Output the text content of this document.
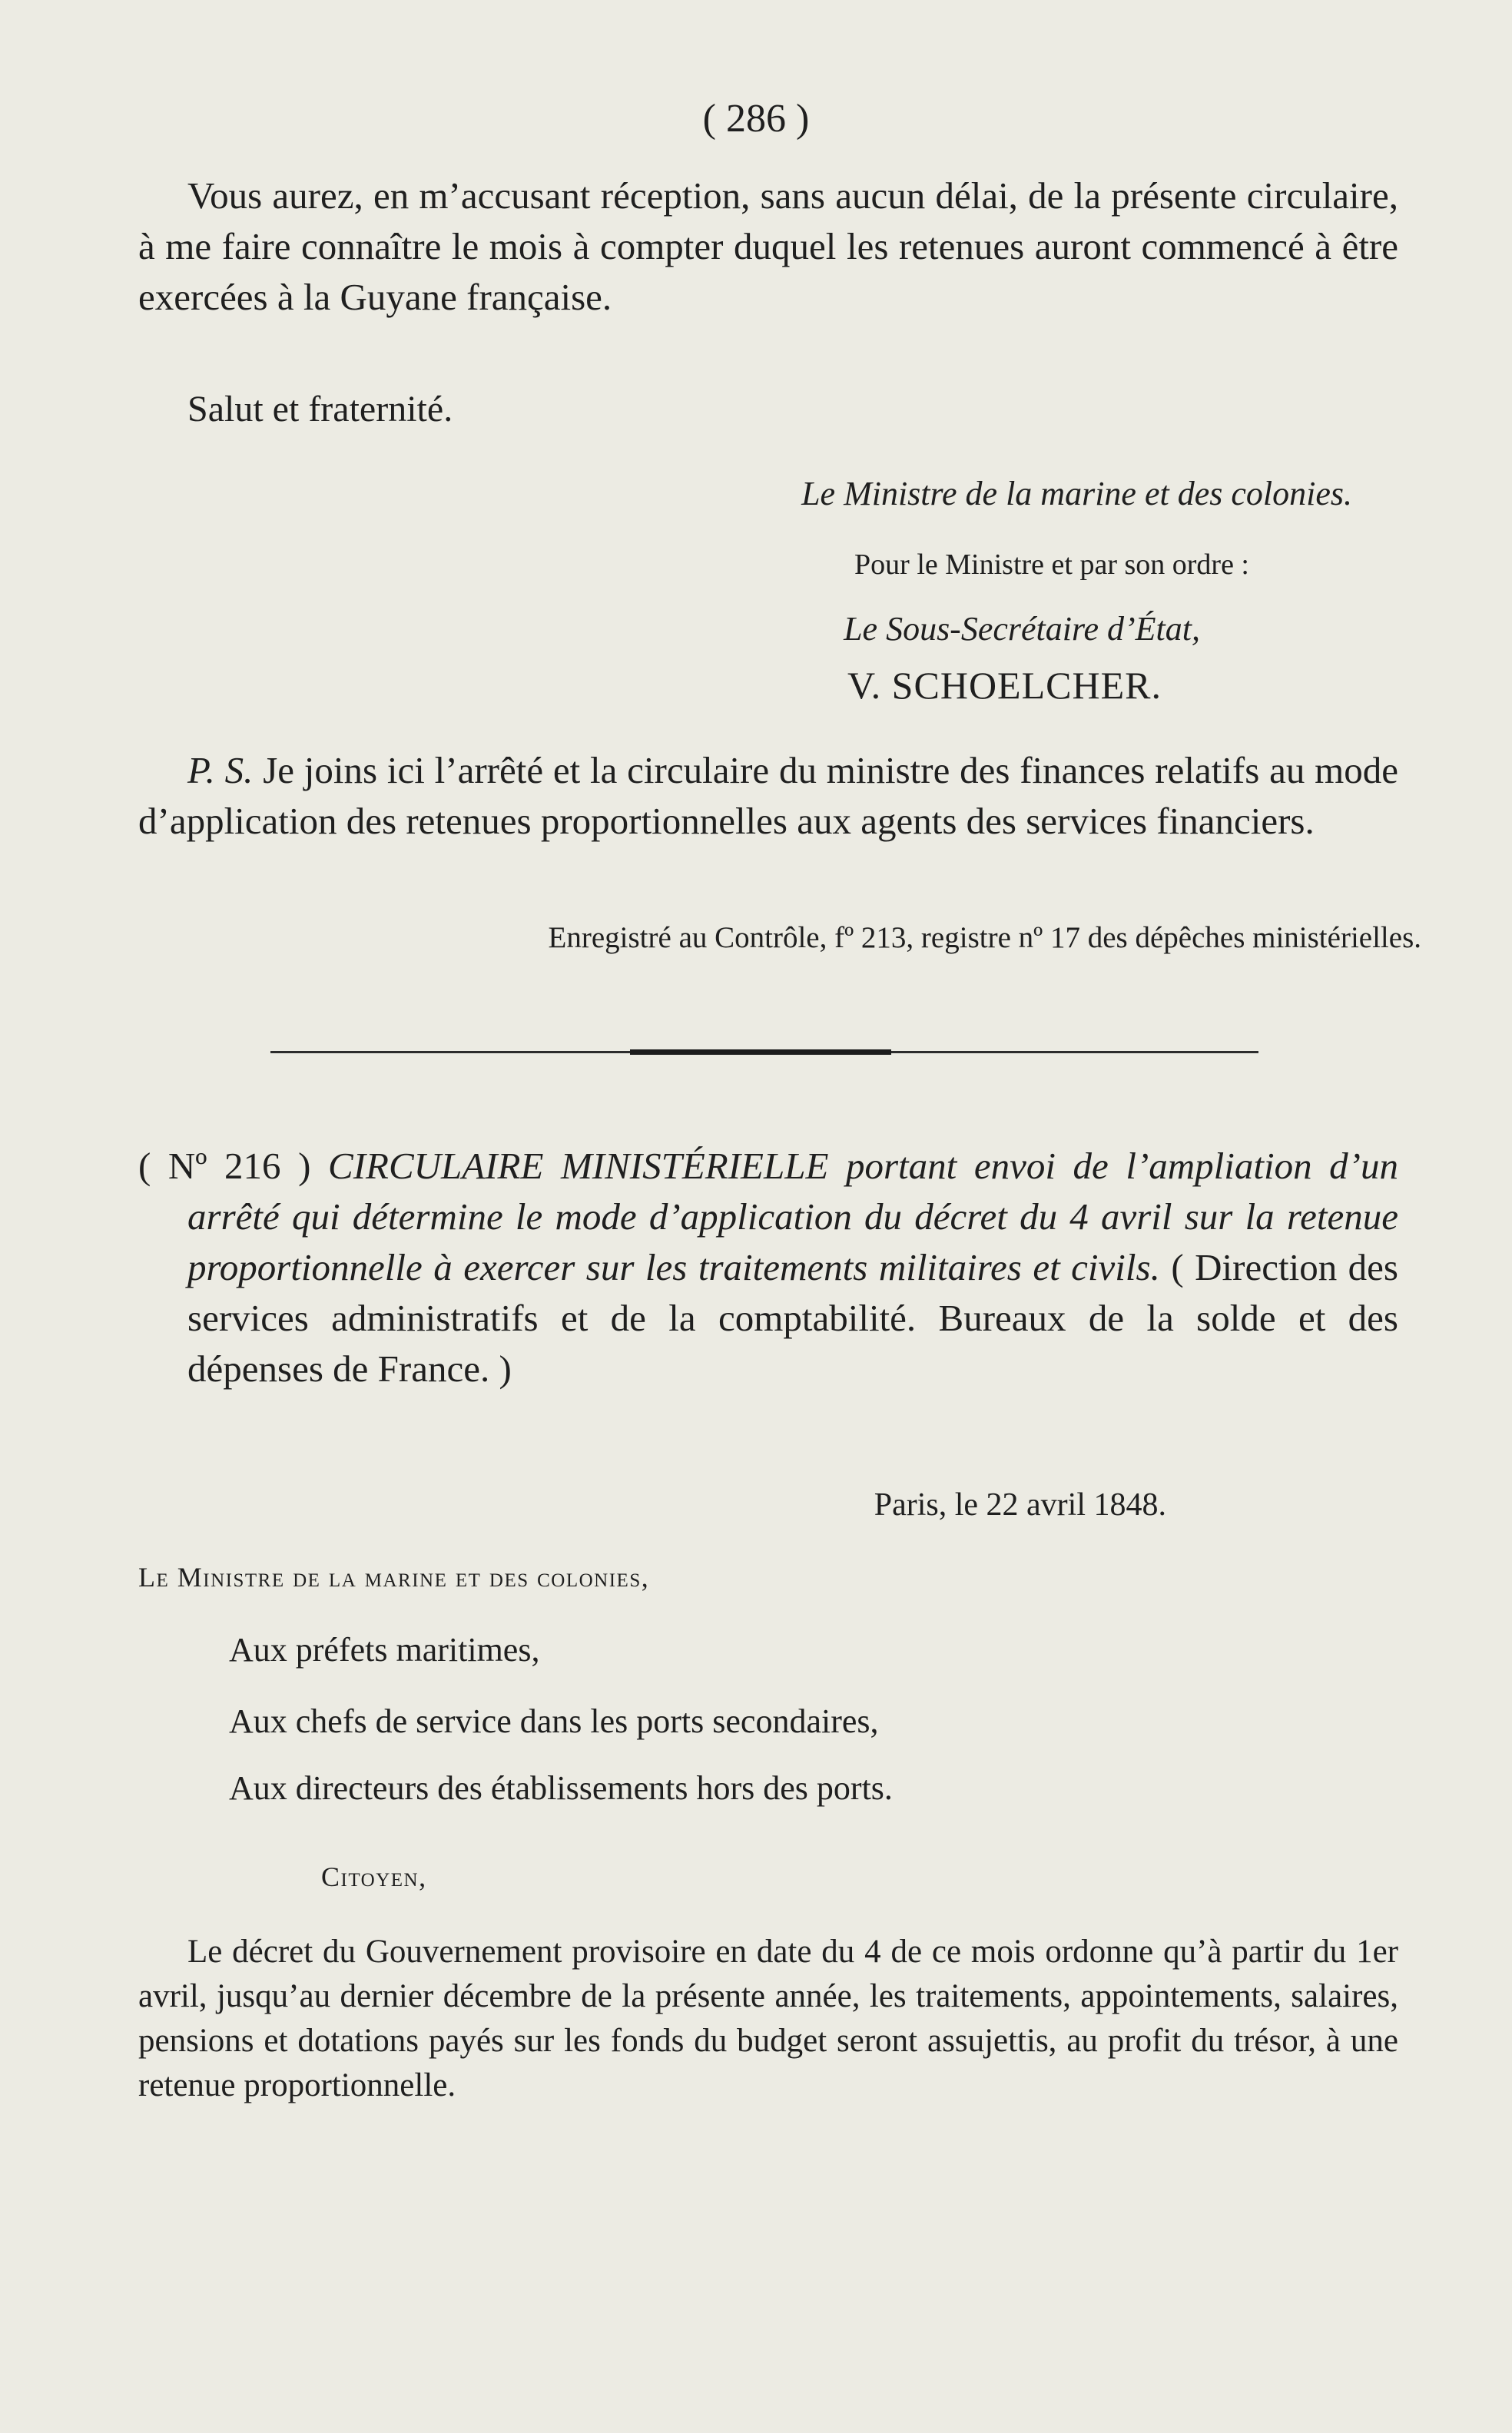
( 286 )

Vous aurez, en m’accusant réception, sans aucun délai, de la présente circulaire, à me faire connaître le mois à compter duquel les retenues auront commencé à être exercées à la Guyane française.

Salut et fraternité.
Le Ministre de la marine et des colonies.
Pour le Ministre et par son ordre :
Le Sous-Secrétaire d’État,
V. SCHOELCHER.

P. S. Je joins ici l’arrêté et la circulaire du ministre des finances relatifs au mode d’application des retenues proportionnelles aux agents des services financiers.

Enregistré au Contrôle, fº 213, registre nº 17 des dépêches ministérielles.

( Nº 216 ) CIRCULAIRE MINISTÉRIELLE portant envoi de l’ampliation d’un arrêté qui détermine le mode d’application du décret du 4 avril sur la retenue proportionnelle à exercer sur les traitements militaires et civils. ( Direction des services administratifs et de la comptabilité. Bureaux de la solde et des dépenses de France. )

Paris, le 22 avril 1848.
Le Ministre de la marine et des colonies,
Aux préfets maritimes,
Aux chefs de service dans les ports secondaires,
Aux directeurs des établissements hors des ports.
Citoyen,

Le décret du Gouvernement provisoire en date du 4 de ce mois ordonne qu’à partir du 1er avril, jusqu’au dernier décembre de la présente année, les traitements, appointements, salaires, pensions et dotations payés sur les fonds du budget seront assujettis, au profit du trésor, à une retenue proportionnelle.
